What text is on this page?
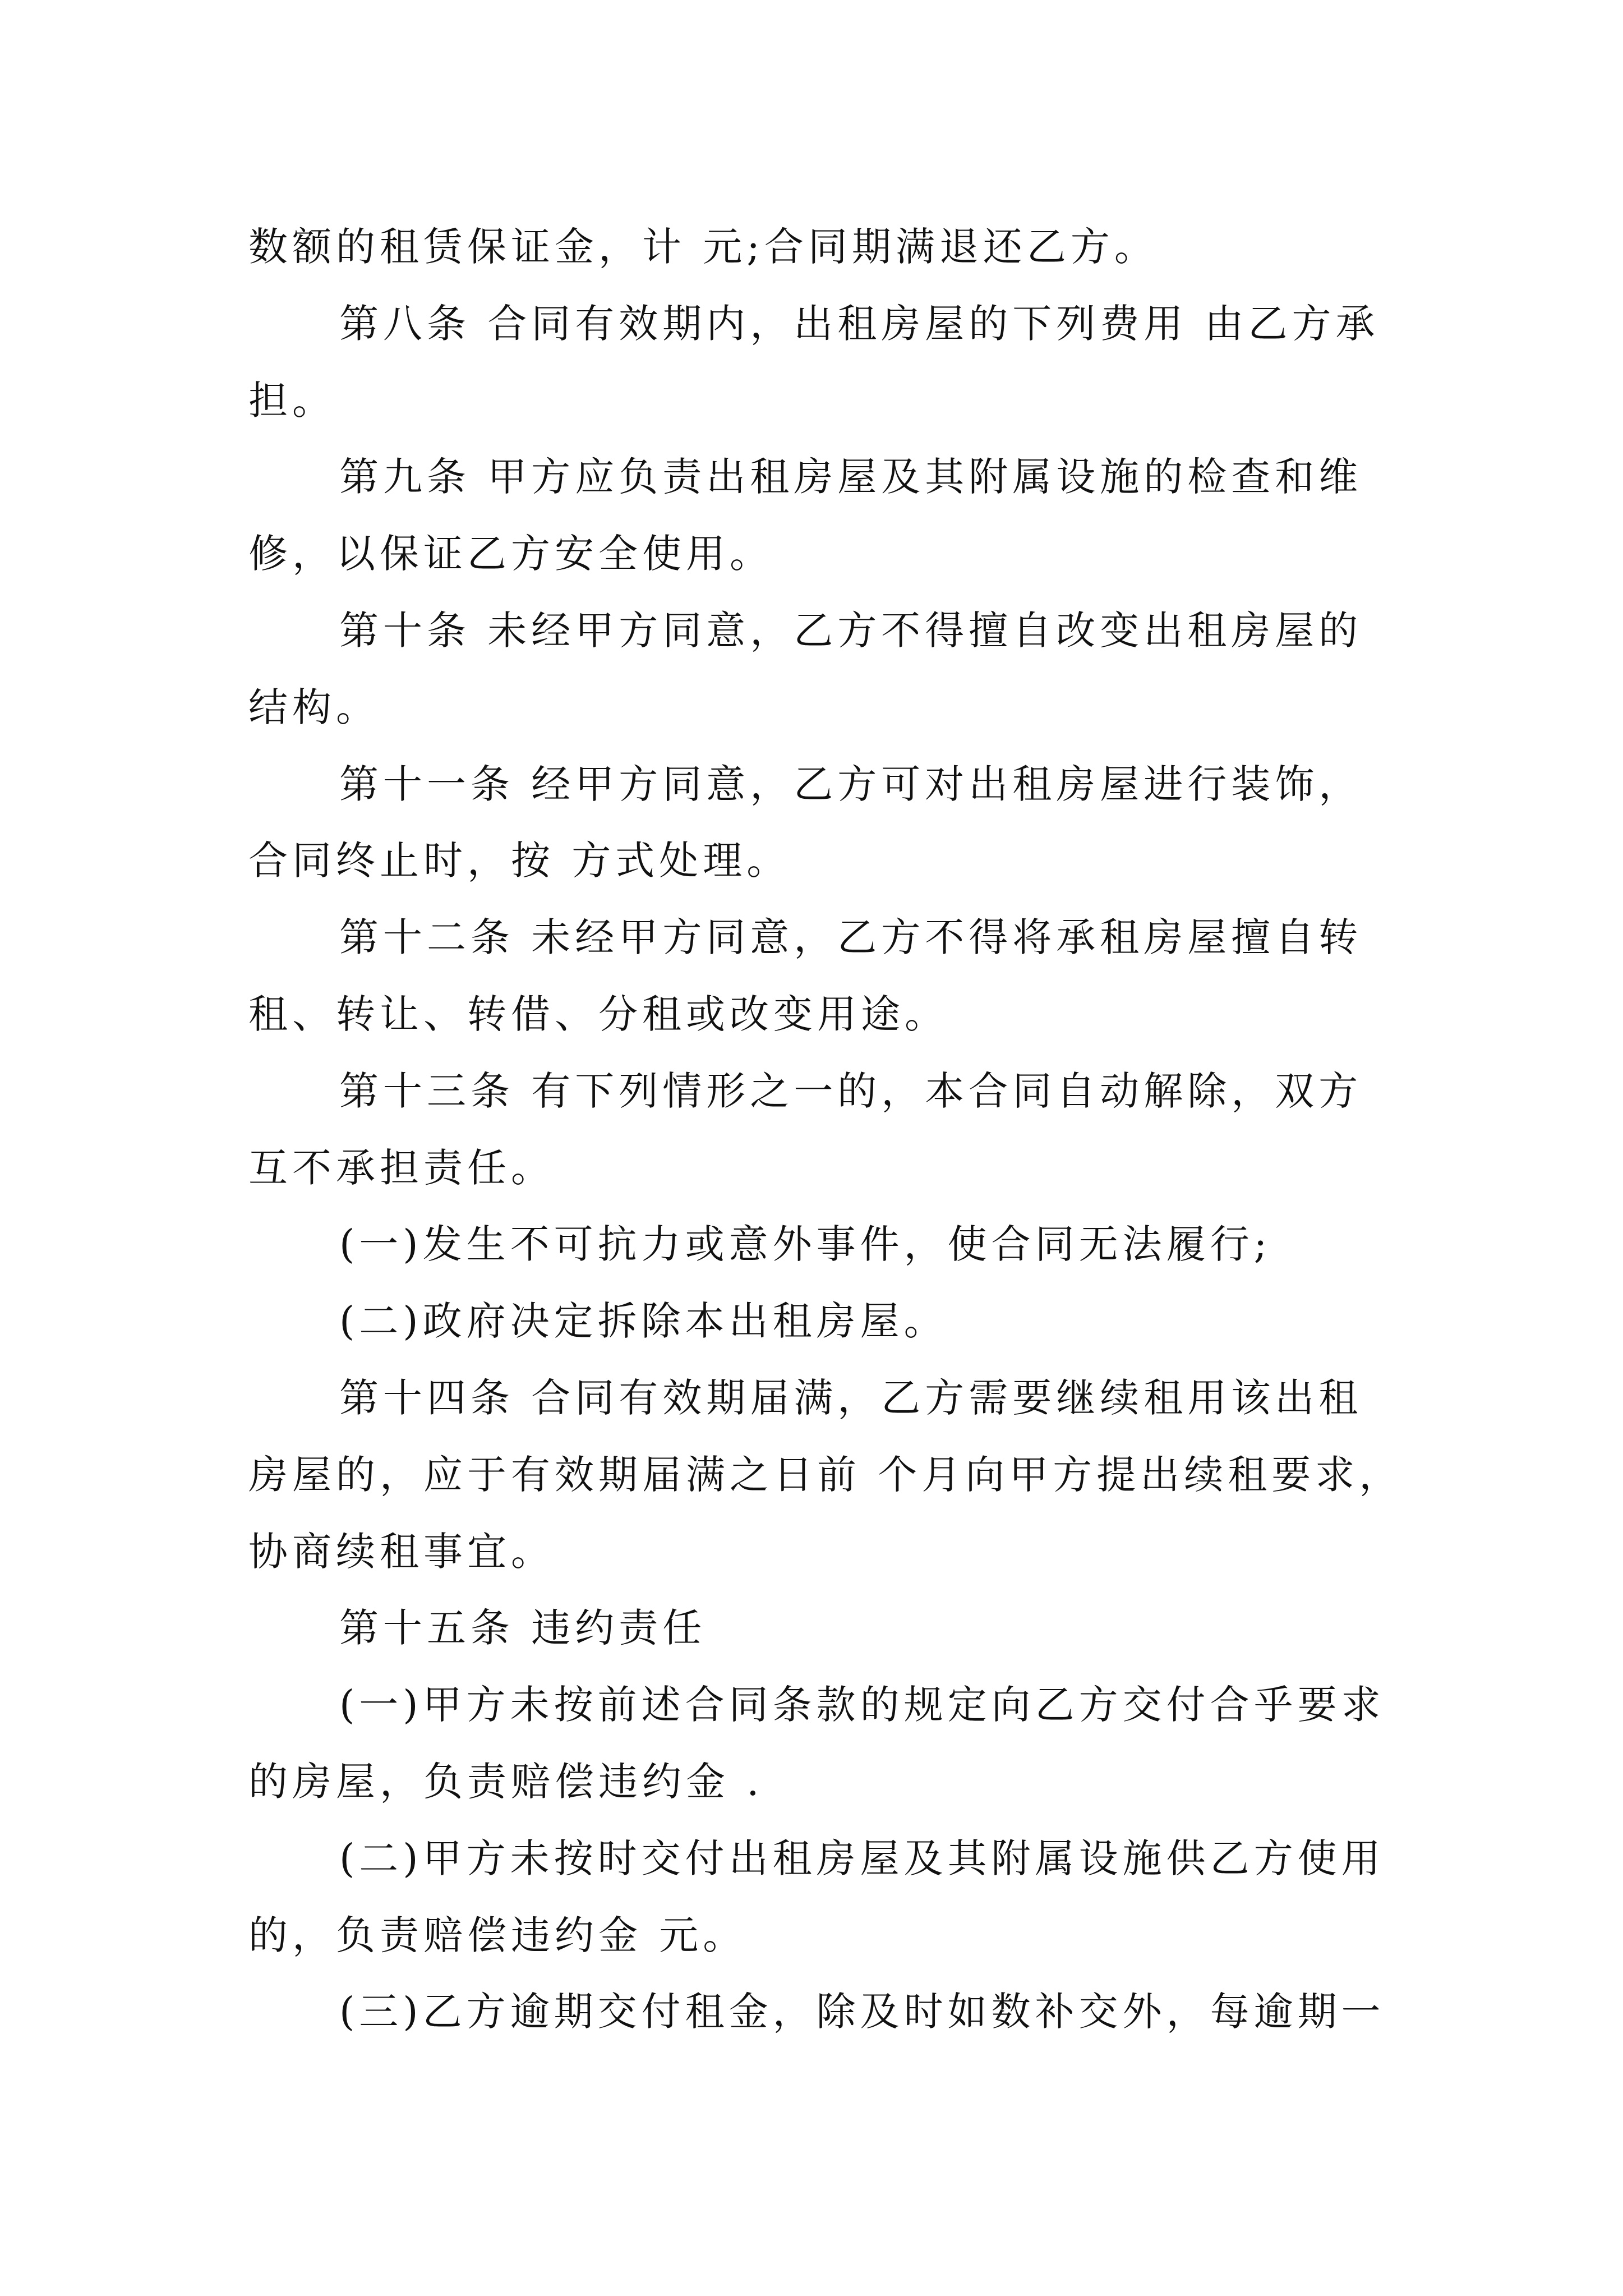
数额的租赁保证金，计 元;合同期满退还乙方。
第八条 合同有效期内，出租房屋的下列费用 由乙方承
担。
第九条 甲方应负责出租房屋及其附属设施的检查和维
修，以保证乙方安全使用。
第十条 未经甲方同意，乙方不得擅自改变出租房屋的
结构。
第十一条 经甲方同意，乙方可对出租房屋进行装饰，
合同终止时，按 方式处理。
第十二条 未经甲方同意，乙方不得将承租房屋擅自转
租、转让、转借、分租或改变用途。
第十三条 有下列情形之一的，本合同自动解除，双方
互不承担责任。
(一)发生不可抗力或意外事件，使合同无法履行;
(二)政府决定拆除本出租房屋。
第十四条 合同有效期届满，乙方需要继续租用该出租
房屋的，应于有效期届满之日前 个月向甲方提出续租要求，
协商续租事宜。
第十五条 违约责任
(一)甲方未按前述合同条款的规定向乙方交付合乎要求
的房屋，负责赔偿违约金 .
(二)甲方未按时交付出租房屋及其附属设施供乙方使用
的，负责赔偿违约金 元。
(三)乙方逾期交付租金，除及时如数补交外，每逾期一
